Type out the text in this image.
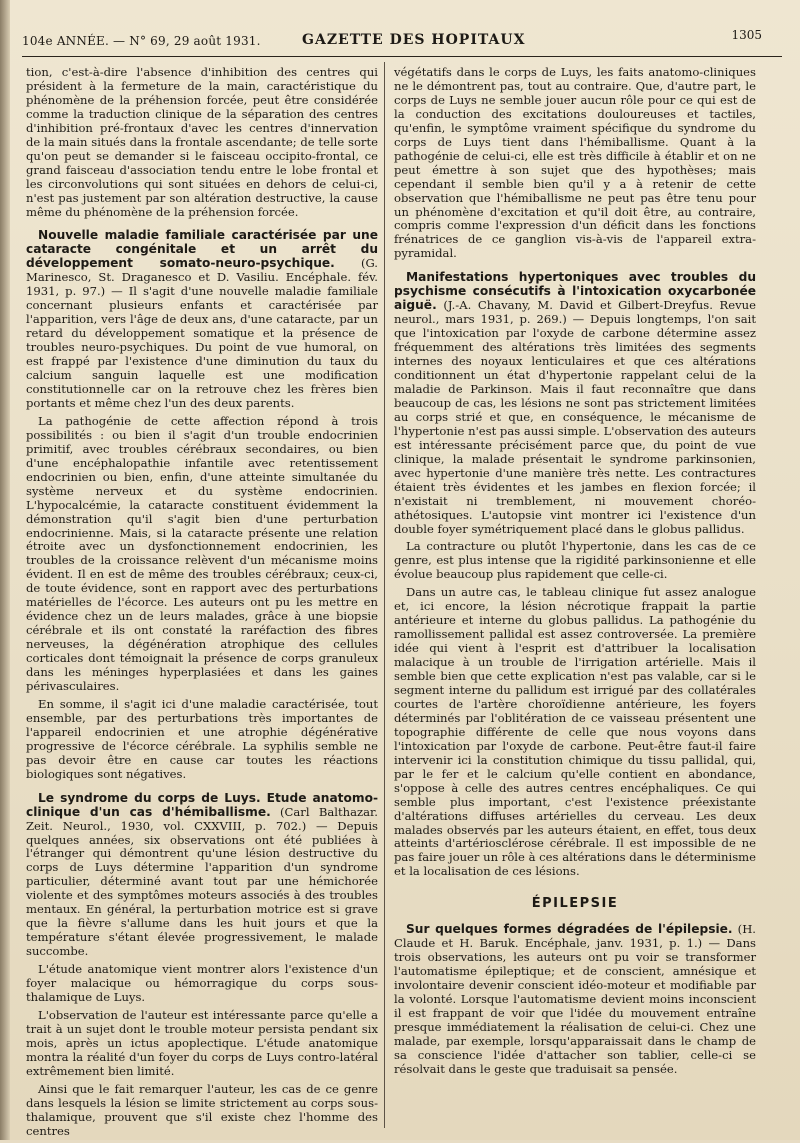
104e ANNÉE. — N° 69, 29 août 1931.	GAZETTE DES HOPITAUX	1305

tion, c'est-à-dire l'absence d'inhibition des centres qui président à la fermeture de la main, caractéristique du phénomène de la préhension forcée, peut être considérée comme la traduction clinique de la séparation des centres d'inhibition pré-frontaux d'avec les centres d'innervation de la main situés dans la frontale ascendante; de telle sorte qu'on peut se demander si le faisceau occipito-frontal, ce grand faisceau d'association tendu entre le lobe frontal et les circonvolutions qui sont situées en dehors de celui-ci, n'est pas justement par son altération destructive, la cause même du phénomène de la préhension forcée.

Nouvelle maladie familiale caractérisée par une cataracte congénitale et un arrêt du développement somato-neuro-psychique. (G. Marinesco, St. Draganesco et D. Vasiliu. Encéphale. fév. 1931, p. 97.) — Il s'agit d'une nouvelle maladie familiale concernant plusieurs enfants et caractérisée par l'apparition, vers l'âge de deux ans, d'une cataracte, par un retard du développement somatique et la présence de troubles neuro-psychiques. Du point de vue humoral, on est frappé par l'existence d'une diminution du taux du calcium sanguin laquelle est une modification constitutionnelle car on la retrouve chez les frères bien portants et même chez l'un des deux parents.

La pathogénie de cette affection répond à trois possibilités : ou bien il s'agit d'un trouble endocrinien primitif, avec troubles cérébraux secondaires, ou bien d'une encéphalopathie infantile avec retentissement endocrinien ou bien, enfin, d'une atteinte simultanée du système nerveux et du système endocrinien. L'hypocalcémie, la cataracte constituent évidemment la démonstration qu'il s'agit bien d'une perturbation endocrinienne. Mais, si la cataracte présente une relation étroite avec un dysfonctionnement endocrinien, les troubles de la croissance relèvent d'un mécanisme moins évident. Il en est de même des troubles cérébraux; ceux-ci, de toute évidence, sont en rapport avec des perturbations matérielles de l'écorce. Les auteurs ont pu les mettre en évidence chez un de leurs malades, grâce à une biopsie cérébrale et ils ont constaté la raréfaction des fibres nerveuses, la dégénération atrophique des cellules corticales dont témoignait la présence de corps granuleux dans les méninges hyperplasiées et dans les gaines périvasculaires.

En somme, il s'agit ici d'une maladie caractérisée, tout ensemble, par des perturbations très importantes de l'appareil endocrinien et une atrophie dégénérative progressive de l'écorce cérébrale. La syphilis semble ne pas devoir être en cause car toutes les réactions biologiques sont négatives.

Le syndrome du corps de Luys. Etude anatomo-clinique d'un cas d'hémiballisme. (Carl Balthazar. Zeit. Neurol., 1930, vol. CXXVIII, p. 702.) — Depuis quelques années, six observations ont été publiées à l'étranger qui démontrent qu'une lésion destructive du corps de Luys détermine l'apparition d'un syndrome particulier, déterminé avant tout par une hémichorée violente et des symptômes moteurs associés à des troubles mentaux. En général, la perturbation motrice est si grave que la fièvre s'allume dans les huit jours et que la température s'étant élevée progressivement, le malade succombe.

L'étude anatomique vient montrer alors l'existence d'un foyer malacique ou hémorragique du corps sous-thalamique de Luys.

L'observation de l'auteur est intéressante parce qu'elle a trait à un sujet dont le trouble moteur persista pendant six mois, après un ictus apoplectique. L'étude anatomique montra la réalité d'un foyer du corps de Luys contro-latéral extrêmement bien limité.

Ainsi que le fait remarquer l'auteur, les cas de ce genre dans lesquels la lésion se limite strictement au corps sous-thalamique, prouvent que s'il existe chez l'homme des centres

végétatifs dans le corps de Luys, les faits anatomo-cliniques ne le démontrent pas, tout au contraire. Que, d'autre part, le corps de Luys ne semble jouer aucun rôle pour ce qui est de la conduction des excitations douloureuses et tactiles, qu'enfin, le symptôme vraiment spécifique du syndrome du corps de Luys tient dans l'hémiballisme. Quant à la pathogénie de celui-ci, elle est très difficile à établir et on ne peut émettre à son sujet que des hypothèses; mais cependant il semble bien qu'il y a à retenir de cette observation que l'hémiballisme ne peut pas être tenu pour un phénomène d'excitation et qu'il doit être, au contraire, compris comme l'expression d'un déficit dans les fonctions frénatrices de ce ganglion vis-à-vis de l'appareil extra-pyramidal.

Manifestations hypertoniques avec troubles du psychisme consécutifs à l'intoxication oxycarbonée aiguë. (J.-A. Chavany, M. David et Gilbert-Dreyfus. Revue neurol., mars 1931, p. 269.) — Depuis longtemps, l'on sait que l'intoxication par l'oxyde de carbone détermine assez fréquemment des altérations très limitées des segments internes des noyaux lenticulaires et que ces altérations conditionnent un état d'hypertonie rappelant celui de la maladie de Parkinson. Mais il faut reconnaître que dans beaucoup de cas, les lésions ne sont pas strictement limitées au corps strié et que, en conséquence, le mécanisme de l'hypertonie n'est pas aussi simple. L'observation des auteurs est intéressante précisément parce que, du point de vue clinique, la malade présentait le syndrome parkinsonien, avec hypertonie d'une manière très nette. Les contractures étaient très évidentes et les jambes en flexion forcée; il n'existait ni tremblement, ni mouvement choréo-athétosiques. L'autopsie vint montrer ici l'existence d'un double foyer symétriquement placé dans le globus pallidus.

La contracture ou plutôt l'hypertonie, dans les cas de ce genre, est plus intense que la rigidité parkinsonienne et elle évolue beaucoup plus rapidement que celle-ci.

Dans un autre cas, le tableau clinique fut assez analogue et, ici encore, la lésion nécrotique frappait la partie antérieure et interne du globus pallidus. La pathogénie du ramollissement pallidal est assez controversée. La première idée qui vient à l'esprit est d'attribuer la localisation malacique à un trouble de l'irrigation artérielle. Mais il semble bien que cette explication n'est pas valable, car si le segment interne du pallidum est irrigué par des collatérales courtes de l'artère choroïdienne antérieure, les foyers déterminés par l'oblitération de ce vaisseau présentent une topographie différente de celle que nous voyons dans l'intoxication par l'oxyde de carbone. Peut-être faut-il faire intervenir ici la constitution chimique du tissu pallidal, qui, par le fer et le calcium qu'elle contient en abondance, s'oppose à celle des autres centres encéphaliques. Ce qui semble plus important, c'est l'existence préexistante d'altérations diffuses artérielles du cerveau. Les deux malades observés par les auteurs étaient, en effet, tous deux atteints d'artériosclérose cérébrale. Il est impossible de ne pas faire jouer un rôle à ces altérations dans le déterminisme et la localisation de ces lésions.

ÉPILEPSIE

Sur quelques formes dégradées de l'épilepsie. (H. Claude et H. Baruk. Encéphale, janv. 1931, p. 1.) — Dans trois observations, les auteurs ont pu voir se transformer l'automatisme épileptique; et de conscient, amnésique et involontaire devenir conscient idéo-moteur et modifiable par la volonté. Lorsque l'automatisme devient moins inconscient il est frappant de voir que l'idée du mouvement entraîne presque immédiatement la réalisation de celui-ci. Chez une malade, par exemple, lorsqu'apparaissait dans le champ de sa conscience l'idée d'attacher son tablier, celle-ci se résolvait dans le geste que traduisait sa pensée.
